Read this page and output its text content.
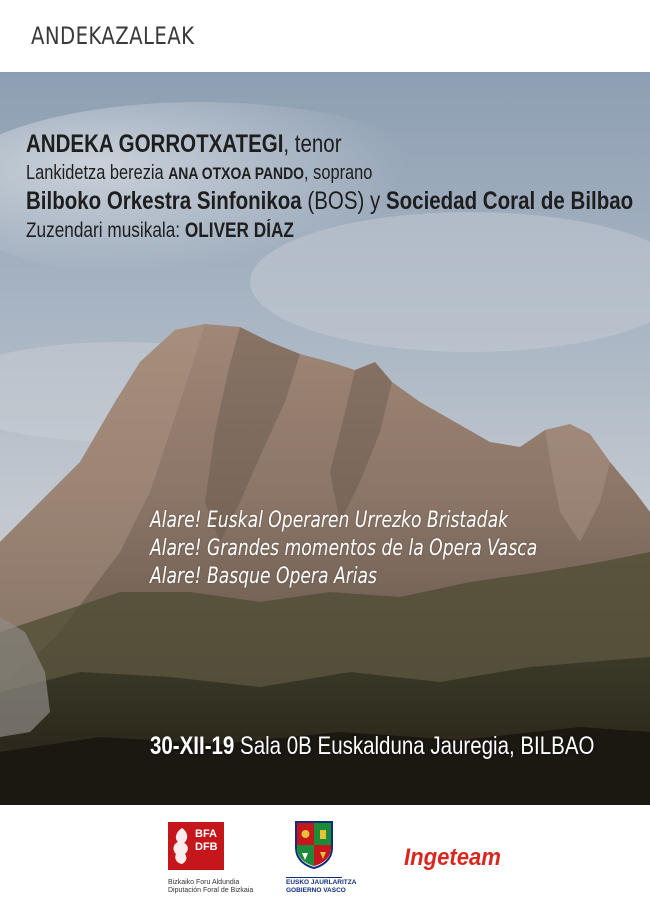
ANDEKAZALEAK
ANDEKA GORROTXATEGI, tenor
Lankidetza berezia ANA OTXOA PANDO, soprano
Bilboko Orkestra Sinfonikoa (BOS) y Sociedad Coral de Bilbao
Zuzendari musikala: OLIVER DÍAZ
Alare! Euskal Operaren Urrezko Bristadak
Alare! Grandes momentos de la Opera Vasca
Alare! Basque Opera Arias
30-XII-19 Sala 0B Euskalduna Jauregia, BILBAO
BFA
DFB
Bizkaiko Foru Aldundia
Diputación Foral de Bizkaia
EUSKO JAURLARITZA
GOBIERNO VASCO
Ingeteam
